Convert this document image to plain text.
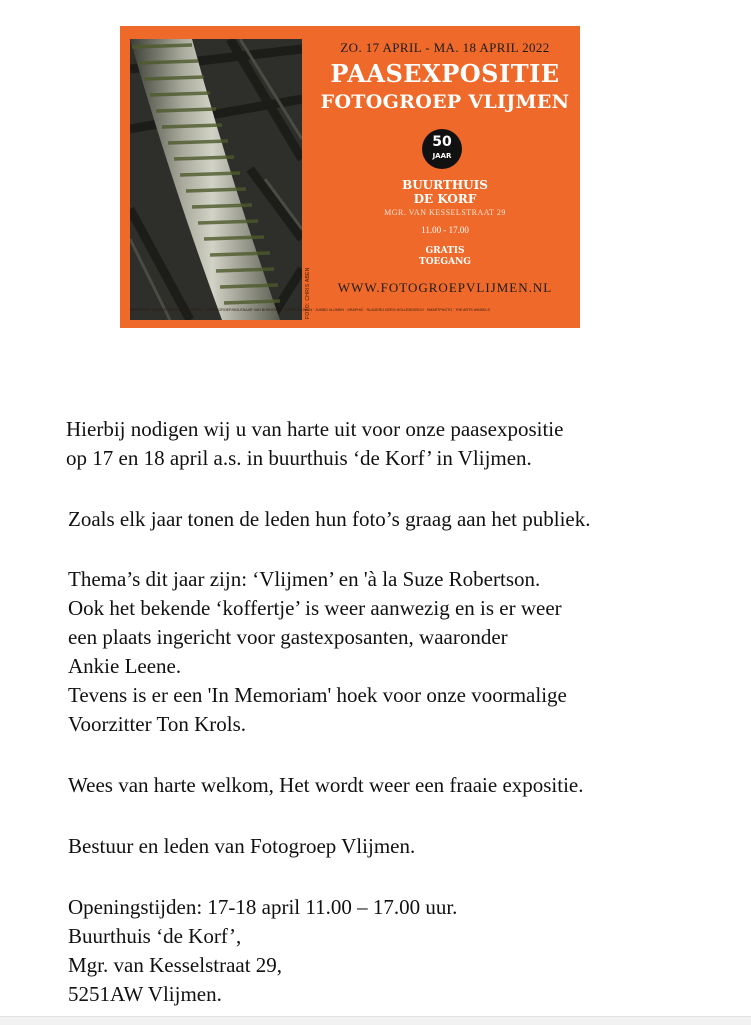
FOTO: CHRIS ABEN
ZO. 17 APRIL - MA. 18 APRIL 2022
PAASEXPOSITIE
FOTOGROEP VLIJMEN
50
JAAR
BUURTHUIS
DE KORF
MGR. VAN KESSELSTRAAT 29
11.00 - 17.00
GRATIS
TOEGANG
WWW.FOTOGROEPVLIJMEN.NL
SPONSORS: BAKKER PIETER VERHEIJEN · OPTIEKGROEP/MOLENAAR VAN BOSHOVEN · COOP VLIJMEN · JUMBO VLIJMEN · GRAPHIC · SLAGERIJ KEESI HOLLEBOSSCH · SMARTPHOTO · THE ARTS WINKELS
Hierbij nodigen wij u van harte uit voor onze paasexpositie
op 17 en 18 april a.s. in buurthuis ‘de Korf’ in Vlijmen.
Zoals elk jaar tonen de leden hun foto’s graag aan het publiek.
Thema’s dit jaar zijn: ‘Vlijmen’ en 'à la Suze Robertson.
Ook het bekende ‘koffertje’ is weer aanwezig en is er weer
een plaats ingericht voor gastexposanten, waaronder
Ankie Leene.
Tevens is er een 'In Memoriam' hoek voor onze voormalige
Voorzitter Ton Krols.
Wees van harte welkom, Het wordt weer een fraaie expositie.
Bestuur en leden van Fotogroep Vlijmen.
Openingstijden: 17-18 april 11.00 – 17.00 uur.
Buurthuis ‘de Korf’,
Mgr. van Kesselstraat 29,
5251AW Vlijmen.
